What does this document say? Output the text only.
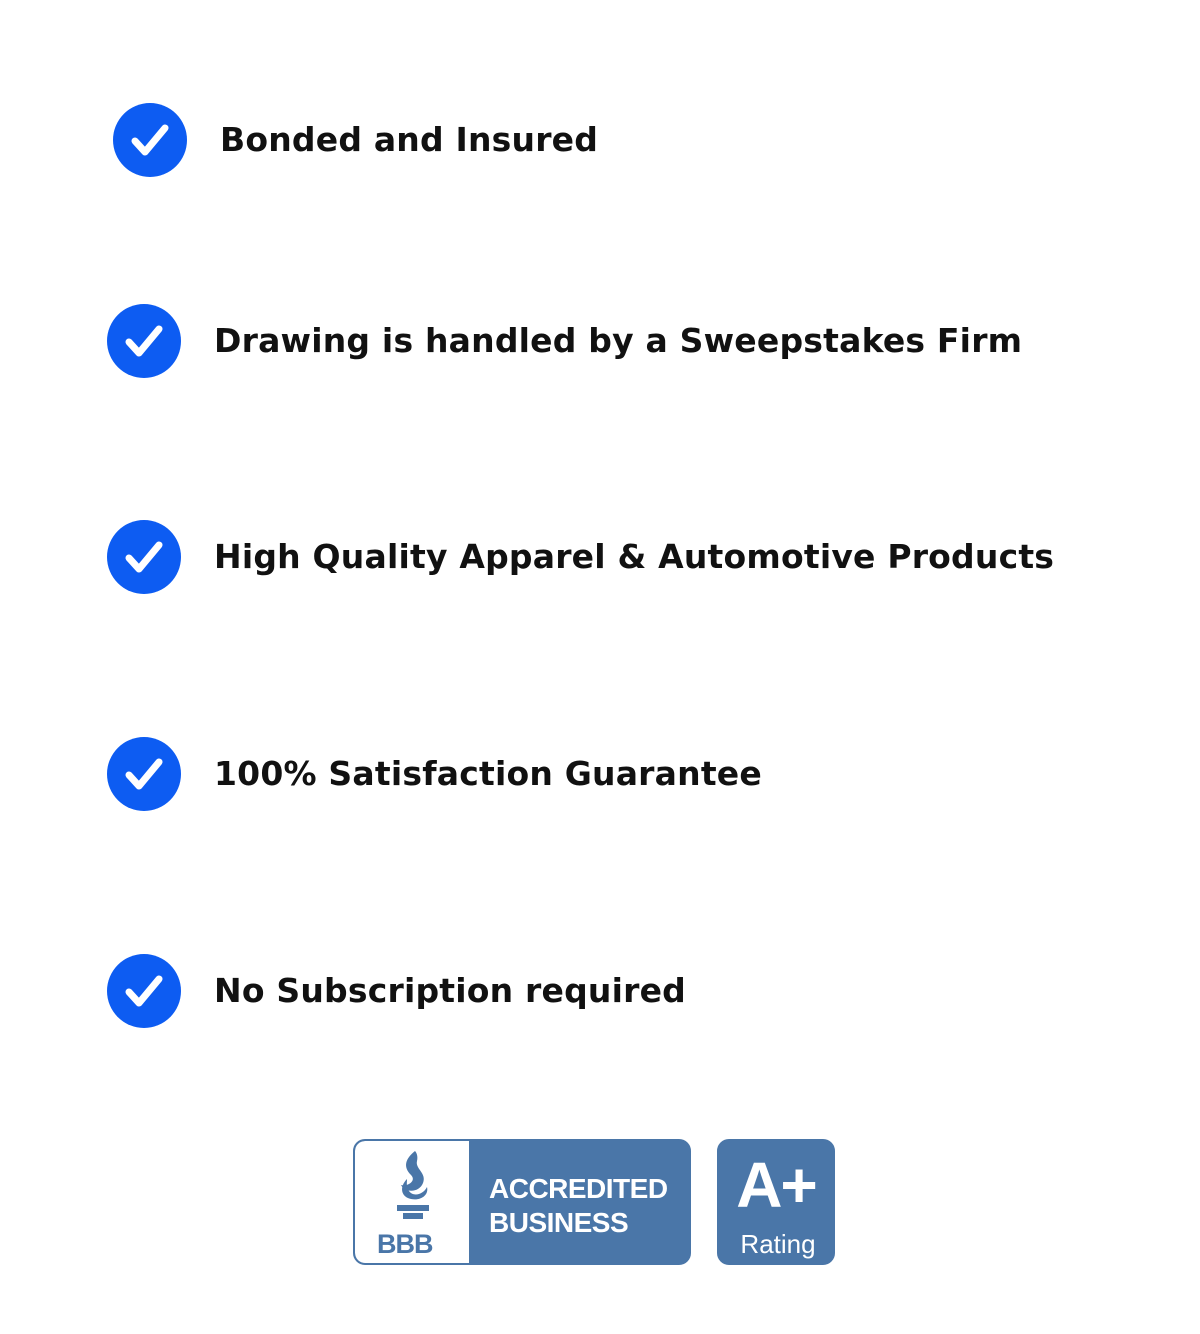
Bonded and Insured
Drawing is handled by a Sweepstakes Firm
High Quality Apparel & Automotive Products
100% Satisfaction Guarantee
No Subscription required
BBB
ACCREDITED
BUSINESS
A+
Rating
